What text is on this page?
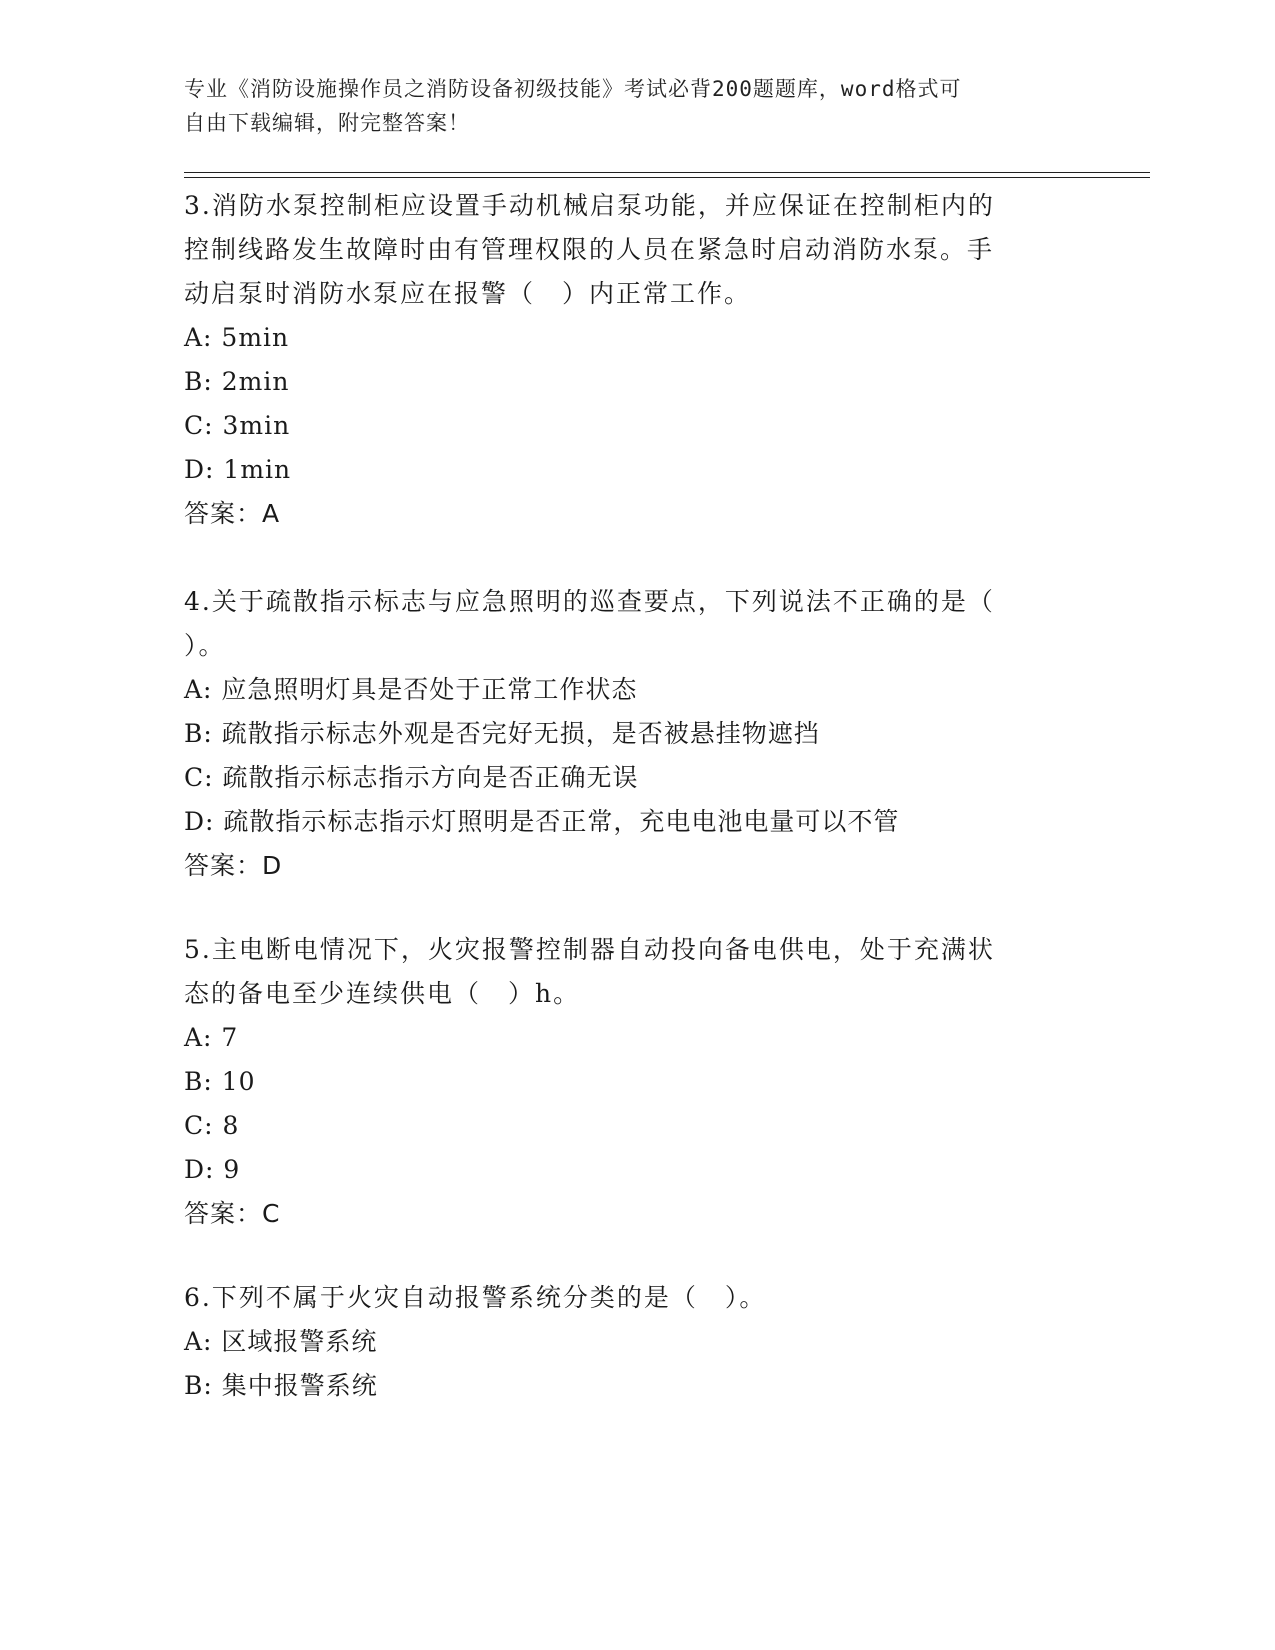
专业《消防设施操作员之消防设备初级技能》考试必背200题题库，word格式可
自由下载编辑，附完整答案！

3.消防水泵控制柜应设置手动机械启泵功能，并应保证在控制柜内的

控制线路发生故障时由有管理权限的人员在紧急时启动消防水泵。手

动启泵时消防水泵应在报警（　）内正常工作。

A: 5min

B: 2min

C: 3min

D: 1min

答案：A

4.关于疏散指示标志与应急照明的巡查要点，下列说法不正确的是（

）。

A: 应急照明灯具是否处于正常工作状态

B: 疏散指示标志外观是否完好无损，是否被悬挂物遮挡

C: 疏散指示标志指示方向是否正确无误

D: 疏散指示标志指示灯照明是否正常，充电电池电量可以不管

答案：D

5.主电断电情况下，火灾报警控制器自动投向备电供电，处于充满状

态的备电至少连续供电（　）h。

A: 7

B: 10

C: 8

D: 9

答案：C

6.下列不属于火灾自动报警系统分类的是（　）。

A: 区域报警系统

B: 集中报警系统
